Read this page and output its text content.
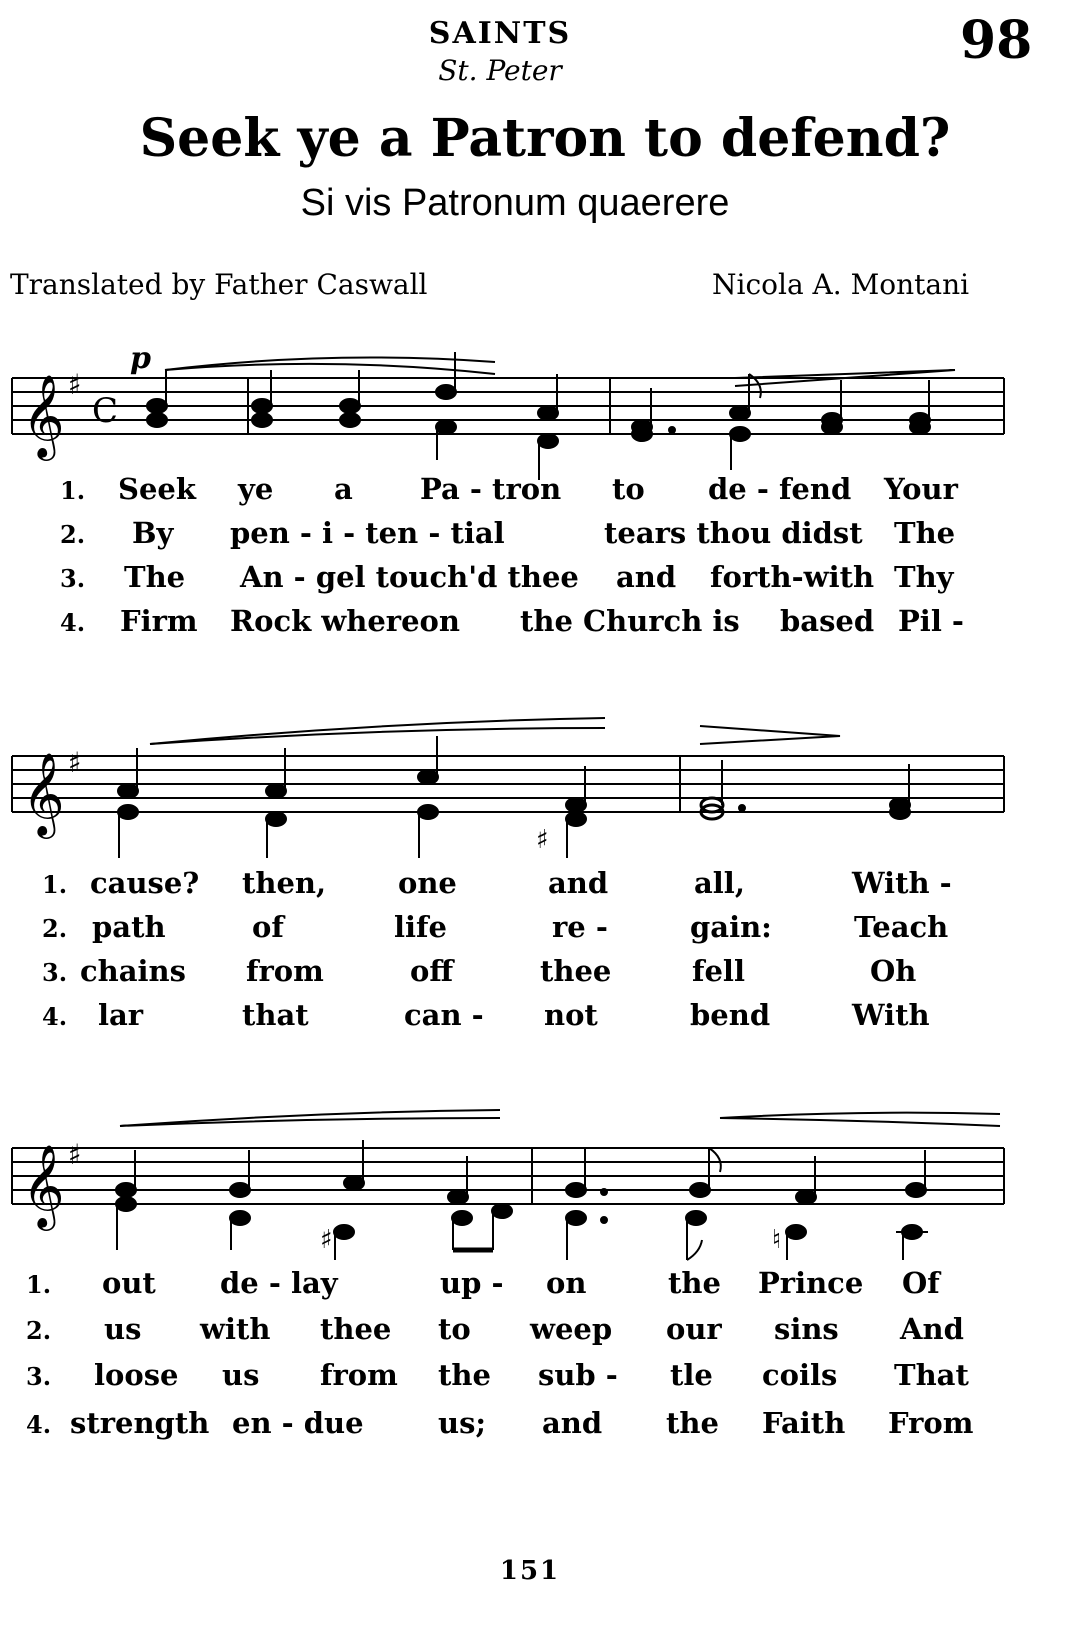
SAINTS
St. Peter	98
Seek ye a Patron to defend?
Si vis Patronum quaerere
Translated by Father Caswall	Nicola A. Montani
𝄞 ♯
C
p
1. Seek ye a Pa - tron to de - fend Your
2. By pen - i - ten - tial	tears thou didst The
3. The An - gel touch'd thee and forth-with Thy
4. Firm Rock whereon the Church is based Pil -
𝄞 ♯
♯
1. cause? then, one	and	all,	With -
2. path	of	life	re -	gain:	Teach
3. chains from	off	thee	fell	Oh
4. lar	that	can - not	bend	With
𝄞 ♯
♯	♮
1. out de - lay	up - on	the Prince Of
2. us with thee to weep our sins And
3. loose us from the sub - tle coils That
4. strength en - due	us; and the Faith From
151
